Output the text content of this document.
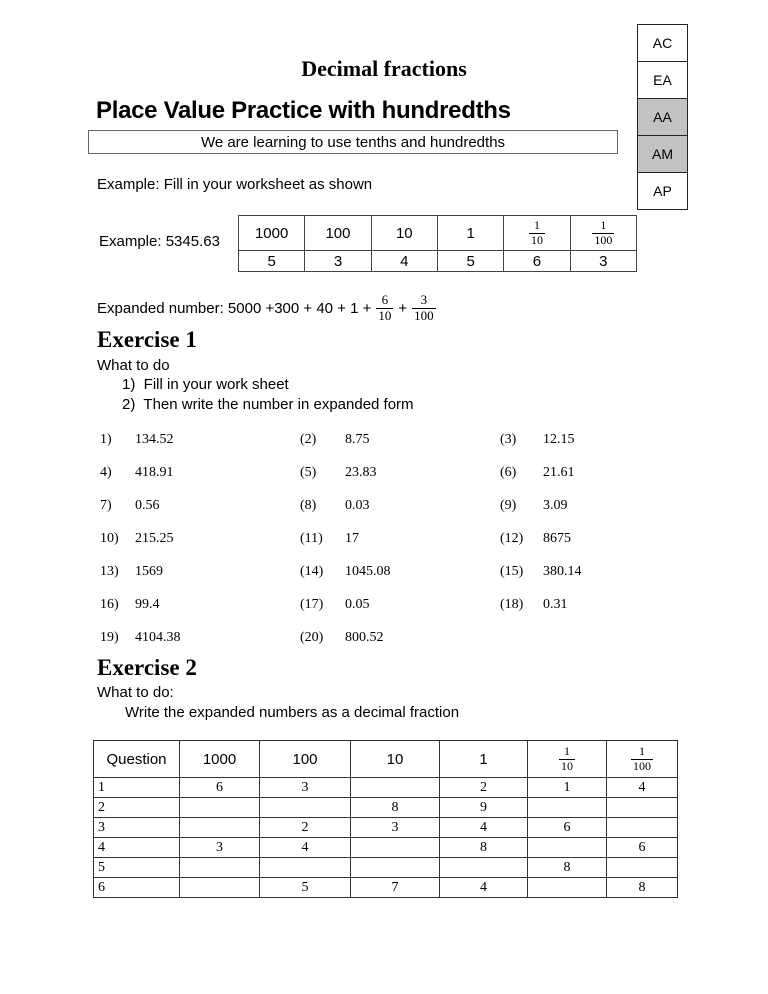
AC
EA
AA
AM
AP
Decimal fractions
Place Value Practice with hundredths
We are learning to use tenths and hundredths
Example: Fill in your worksheet as shown
Example: 5345.63 1000	100	10	1	$\frac{1}{10}$	$\frac{1}{100}$

5	3	4	5	6	3
Expanded number: $5000 +300 + 40 + 1 + \frac{6}{10} + \frac{3}{100}$
Exercise 1
What to do
1)  Fill in your work sheet
2)  Then write the number in expanded form
1) 134.52	(2) 8.75	(3) 12.15
4) 418.91	(5) 23.83	(6) 21.61
7) 0.56	(8) 0.03	(9) 3.09
10) 215.25	(11) 17	(12) 8675
13) 1569	(14) 1045.08	(15) 380.14
16) 99.4	(17) 0.05	(18) 0.31
19) 4104.38	(20) 800.52
Exercise 2
What to do:
Write the expanded numbers as a decimal fraction
Question	1000	100	10	1	$\frac{1}{10}$	$\frac{1}{100}$

1	6	3		2	1	4
2			8	9		
3		2	3	4	6	
4	3	4		8		6
5					8	
6		5	7	4		8
